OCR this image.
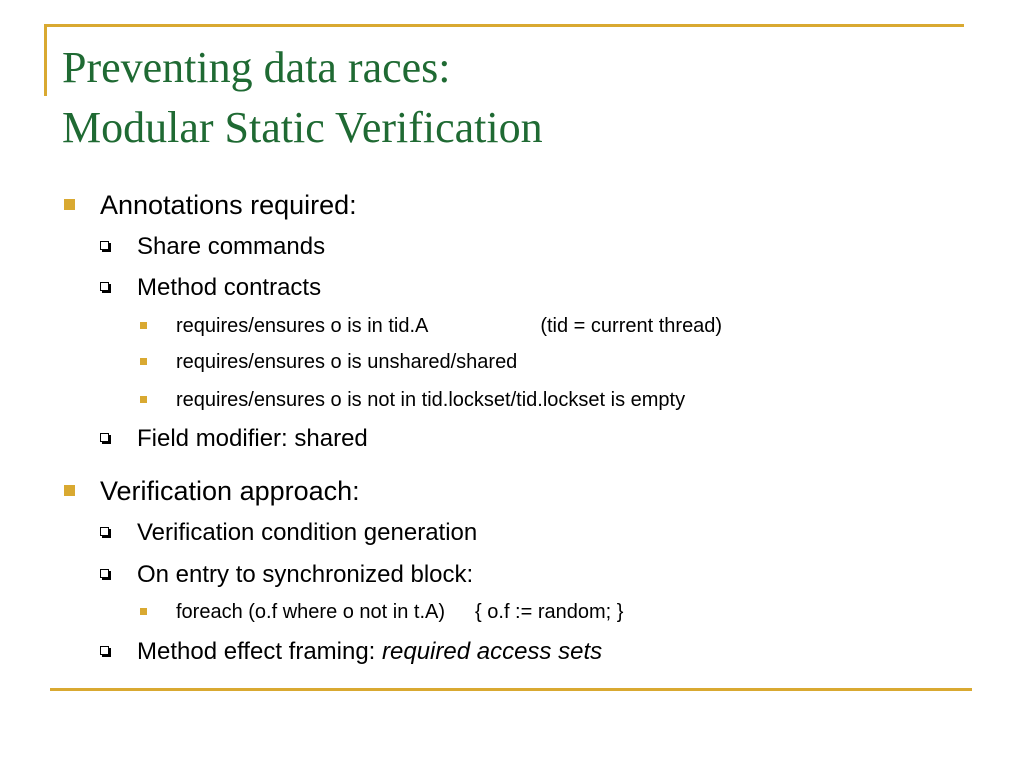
Preventing data races:
Modular Static Verification
Annotations required:
Share commands
Method contracts
requires/ensures o is in tid.A	(tid = current thread)
requires/ensures o is unshared/shared
requires/ensures o is not in tid.lockset/tid.lockset is empty
Field modifier: shared
Verification approach:
Verification condition generation
On entry to synchronized block:
foreach (o.f where o not in t.A) { o.f := random; }
Method effect framing: required access sets
